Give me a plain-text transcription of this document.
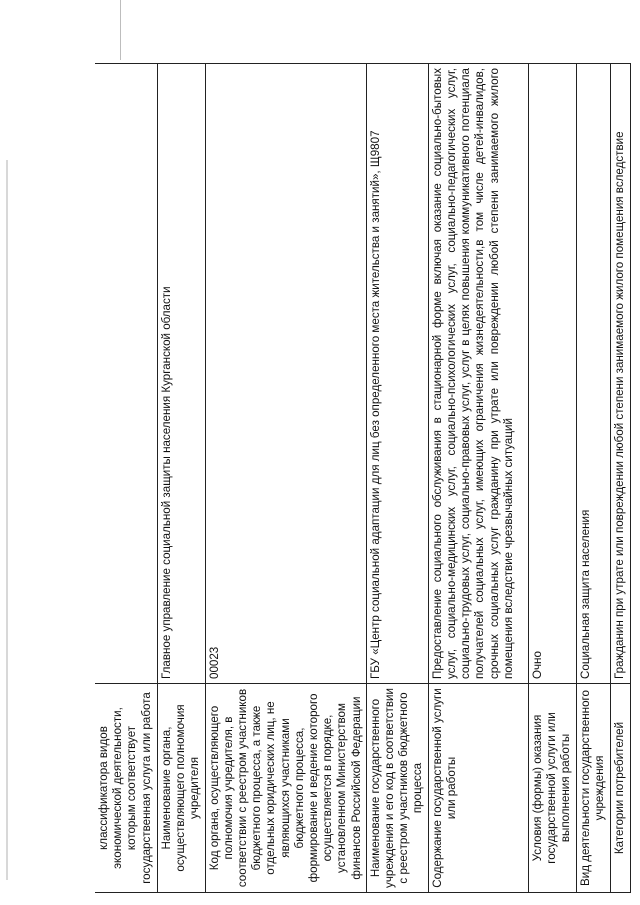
классификатора видов экономической деятельности, которым соответствует государственная услуга или работа	
Наименование органа, осуществляющего полномочия учредителя	Главное управление социальной защиты населения Курганской области
Код органа, осуществляющего полномочия учредителя, в соответствии с реестром участников бюджетного процесса, а также отдельных юридических лиц, не являющихся участниками бюджетного процесса, формирование и ведение которого осуществляется в порядке, установленном Министерством финансов Российской Федерации	00023
Наименование государственного учреждения и его код в соответствии с реестром участников бюджетного процесса	ГБУ «Центр социальной адаптации для лиц без определенного места жительства и занятий», Щ9807
Содержание государственной услуги или работы	Предоставление социального обслуживания в стационарной форме включая оказание социально-бытовых услуг, социально-медицинских услуг, социально-психологических услуг, социально-педагогических услуг, социально-трудовых услуг, социально-правовых услуг, услуг в целях повышения коммуникативного потенциала получателей социальных услуг, имеющих ограничения жизнедеятельности,в том числе детей-инвалидов, срочных социальных услуг гражданину при утрате или повреждении любой степени занимаемого жилого помещения вследствие чрезвычайных ситуаций
Условия (формы) оказания государственной услуги или выполнения работы	Очно
Вид деятельности государственного учреждения	Социальная защита населения
Категории потребителей	Гражданин при утрате или повреждении любой степени занимаемого жилого помещения вследствие
